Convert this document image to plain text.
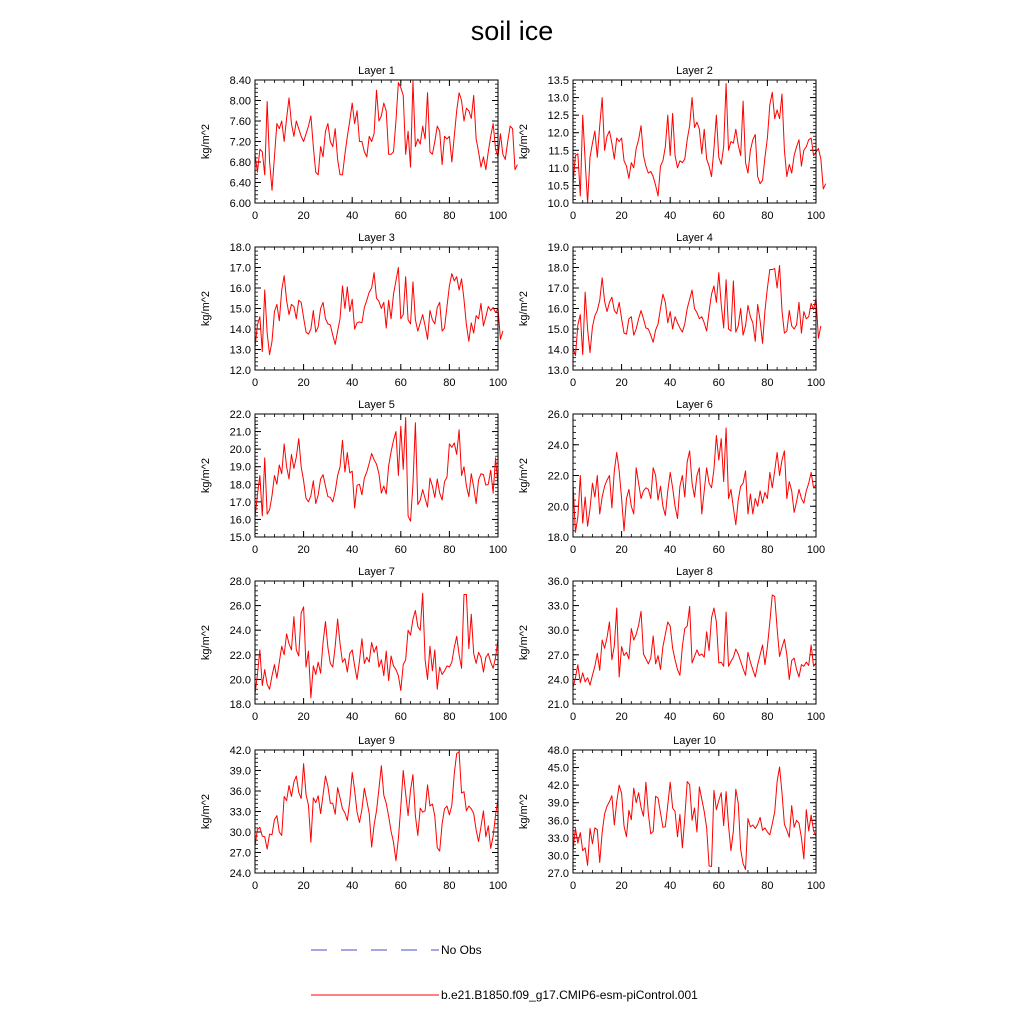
soil ice
Layer 1
kg/m^2
6.00
6.40
6.80
7.20
7.60
8.00
8.40
0	20	40	60	80	100
Layer 2
kg/m^2
10.0
10.5
11.0
11.5
12.0
12.5
13.0
13.5
0	20	40	60	80	100
Layer 3
kg/m^2
12.0
13.0
14.0
15.0
16.0
17.0
18.0
0	20	40	60	80	100
Layer 4
kg/m^2
13.0
14.0
15.0
16.0
17.0
18.0
19.0
0	20	40	60	80	100
Layer 5
kg/m^2
15.0
16.0
17.0
18.0
19.0
20.0
21.0
22.0
0	20	40	60	80	100
Layer 6
kg/m^2
18.0
20.0
22.0
24.0
26.0
0	20	40	60	80	100
Layer 7
kg/m^2
18.0
20.0
22.0
24.0
26.0
28.0
0	20	40	60	80	100
Layer 8
kg/m^2
21.0
24.0
27.0
30.0
33.0
36.0
0	20	40	60	80	100
Layer 9
kg/m^2
24.0
27.0
30.0
33.0
36.0
39.0
42.0
0	20	40	60	80	100
Layer 10
kg/m^2
27.0
30.0
33.0
36.0
39.0
42.0
45.0
48.0
0	20	40	60	80	100
No Obs
b.e21.B1850.f09_g17.CMIP6-esm-piControl.001
